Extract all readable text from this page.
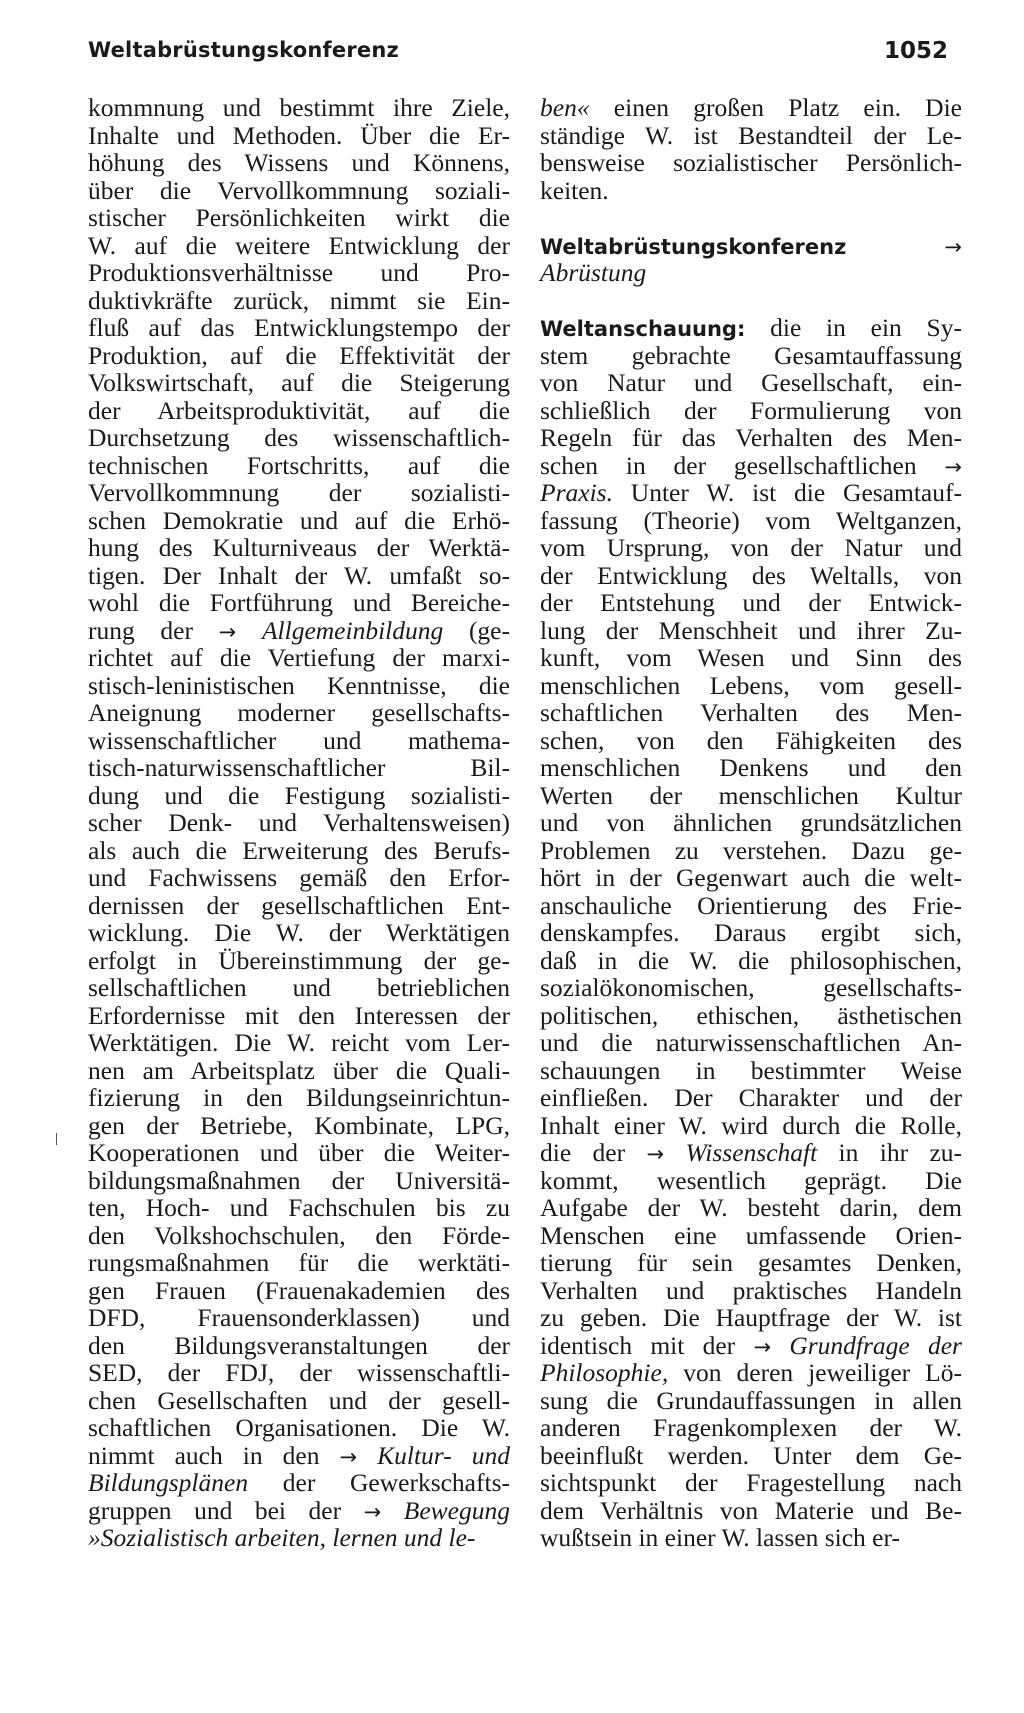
Weltabrüstungskonferenz	1052
kommnung und bestimmt ihre Ziele,
Inhalte und Methoden. Über die Er-
höhung des Wissens und Könnens,
über die Vervollkommnung soziali-
stischer Persönlichkeiten wirkt die
W. auf die weitere Entwicklung der
Produktionsverhältnisse und Pro-
duktivkräfte zurück, nimmt sie Ein-
fluß auf das Entwicklungstempo der
Produktion, auf die Effektivität der
Volkswirtschaft, auf die Steigerung
der Arbeitsproduktivität, auf die
Durchsetzung des wissenschaftlich-
technischen Fortschritts, auf die
Vervollkommnung der sozialisti-
schen Demokratie und auf die Erhö-
hung des Kulturniveaus der Werktä-
tigen. Der Inhalt der W. umfaßt so-
wohl die Fortführung und Bereiche-
rung der → Allgemeinbildung (ge-
richtet auf die Vertiefung der marxi-
stisch-leninistischen Kenntnisse, die
Aneignung moderner gesellschafts-
wissenschaftlicher und mathema-
tisch-naturwissenschaftlicher Bil-
dung und die Festigung sozialisti-
scher Denk- und Verhaltensweisen)
als auch die Erweiterung des Berufs-
und Fachwissens gemäß den Erfor-
dernissen der gesellschaftlichen Ent-
wicklung. Die W. der Werktätigen
erfolgt in Übereinstimmung der ge-
sellschaftlichen und betrieblichen
Erfordernisse mit den Interessen der
Werktätigen. Die W. reicht vom Ler-
nen am Arbeitsplatz über die Quali-
fizierung in den Bildungseinrichtun-
gen der Betriebe, Kombinate, LPG,
Kooperationen und über die Weiter-
bildungsmaßnahmen der Universitä-
ten, Hoch- und Fachschulen bis zu
den Volkshochschulen, den Förde-
rungsmaßnahmen für die werktäti-
gen Frauen (Frauenakademien des
DFD, Frauensonderklassen) und
den Bildungsveranstaltungen der
SED, der FDJ, der wissenschaftli-
chen Gesellschaften und der gesell-
schaftlichen Organisationen. Die W.
nimmt auch in den → Kultur- und
Bildungsplänen der Gewerkschafts-
gruppen und bei der → Bewegung
»Sozialistisch arbeiten, lernen und le-
ben« einen großen Platz ein. Die
ständige W. ist Bestandteil der Le-
bensweise sozialistischer Persönlich-
keiten.
Weltabrüstungskonferenz	→
Abrüstung
Weltanschauung: die in ein Sy-
stem gebrachte Gesamtauffassung
von Natur und Gesellschaft, ein-
schließlich der Formulierung von
Regeln für das Verhalten des Men-
schen in der gesellschaftlichen →
Praxis. Unter W. ist die Gesamtauf-
fassung (Theorie) vom Weltganzen,
vom Ursprung, von der Natur und
der Entwicklung des Weltalls, von
der Entstehung und der Entwick-
lung der Menschheit und ihrer Zu-
kunft, vom Wesen und Sinn des
menschlichen Lebens, vom gesell-
schaftlichen Verhalten des Men-
schen, von den Fähigkeiten des
menschlichen Denkens und den
Werten der menschlichen Kultur
und von ähnlichen grundsätzlichen
Problemen zu verstehen. Dazu ge-
hört in der Gegenwart auch die welt-
anschauliche Orientierung des Frie-
denskampfes. Daraus ergibt sich,
daß in die W. die philosophischen,
sozialökonomischen, gesellschafts-
politischen, ethischen, ästhetischen
und die naturwissenschaftlichen An-
schauungen in bestimmter Weise
einfließen. Der Charakter und der
Inhalt einer W. wird durch die Rolle,
die der → Wissenschaft in ihr zu-
kommt, wesentlich geprägt. Die
Aufgabe der W. besteht darin, dem
Menschen eine umfassende Orien-
tierung für sein gesamtes Denken,
Verhalten und praktisches Handeln
zu geben. Die Hauptfrage der W. ist
identisch mit der → Grundfrage der
Philosophie, von deren jeweiliger Lö-
sung die Grundauffassungen in allen
anderen Fragenkomplexen der W.
beeinflußt werden. Unter dem Ge-
sichtspunkt der Fragestellung nach
dem Verhältnis von Materie und Be-
wußtsein in einer W. lassen sich er-
